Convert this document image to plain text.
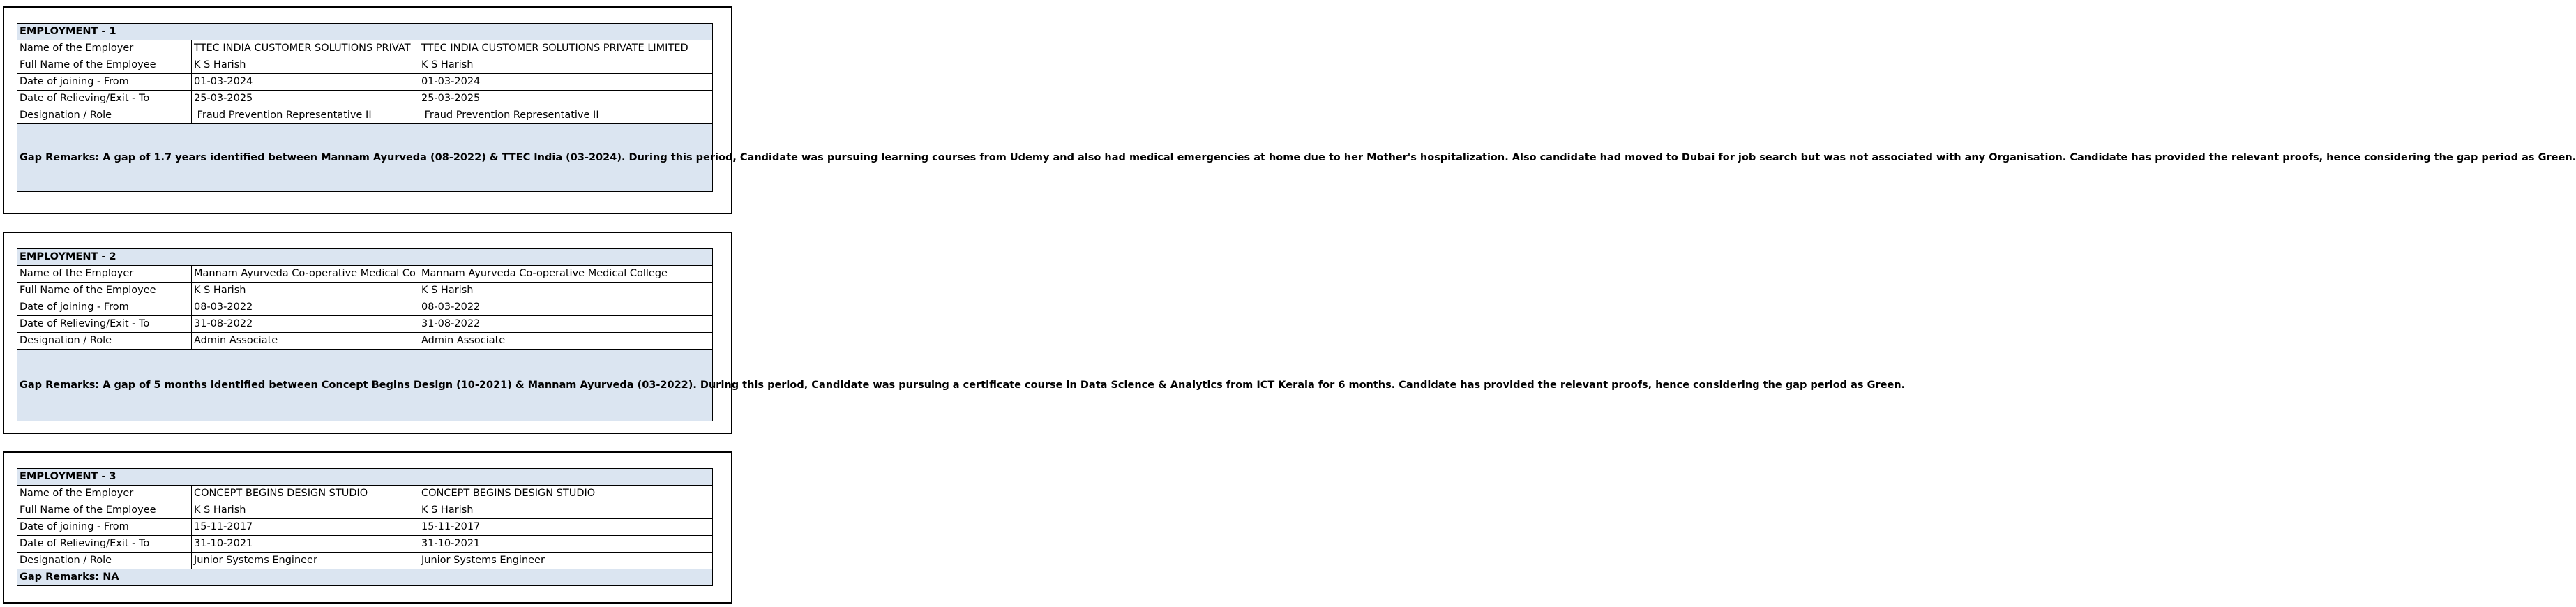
EMPLOYMENT - 1		
Name of the Employer	TTEC INDIA CUSTOMER SOLUTIONS PRIVAT	TTEC INDIA CUSTOMER SOLUTIONS PRIVATE LIMITED
Full Name of the Employee	K S Harish	K S Harish
Date of joining - From	01-03-2024	01-03-2024
Date of Relieving/Exit - To	25-03-2025	25-03-2025
Designation / Role	Fraud Prevention Representative II	Fraud Prevention Representative II
Gap Remarks: A gap of 1.7 years identified between Mannam Ayurveda (08-2022) & TTEC India (03-2024). During this period, Candidate was pursuing learning courses from Udemy and also had medical emergencies at home due to her Mother's hospitalization. Also candidate had moved to Dubai for job search but was not associated with any Organisation. Candidate has provided the relevant proofs, hence considering the gap period as Green.		
EMPLOYMENT - 2		
Name of the Employer	Mannam Ayurveda Co-operative Medical Co	Mannam Ayurveda Co-operative Medical College
Full Name of the Employee	K S Harish	K S Harish
Date of joining - From	08-03-2022	08-03-2022
Date of Relieving/Exit - To	31-08-2022	31-08-2022
Designation / Role	Admin Associate	Admin Associate
Gap Remarks: A gap of 5 months identified between Concept Begins Design (10-2021) & Mannam Ayurveda (03-2022). During this period, Candidate was pursuing a certificate course in Data Science & Analytics from ICT Kerala for 6 months. Candidate has provided the relevant proofs, hence considering the gap period as Green.		
EMPLOYMENT - 3		
Name of the Employer	CONCEPT BEGINS DESIGN STUDIO	CONCEPT BEGINS DESIGN STUDIO
Full Name of the Employee	K S Harish	K S Harish
Date of joining - From	15-11-2017	15-11-2017
Date of Relieving/Exit - To	31-10-2021	31-10-2021
Designation / Role	Junior Systems Engineer	Junior Systems Engineer
Gap Remarks: NA		
